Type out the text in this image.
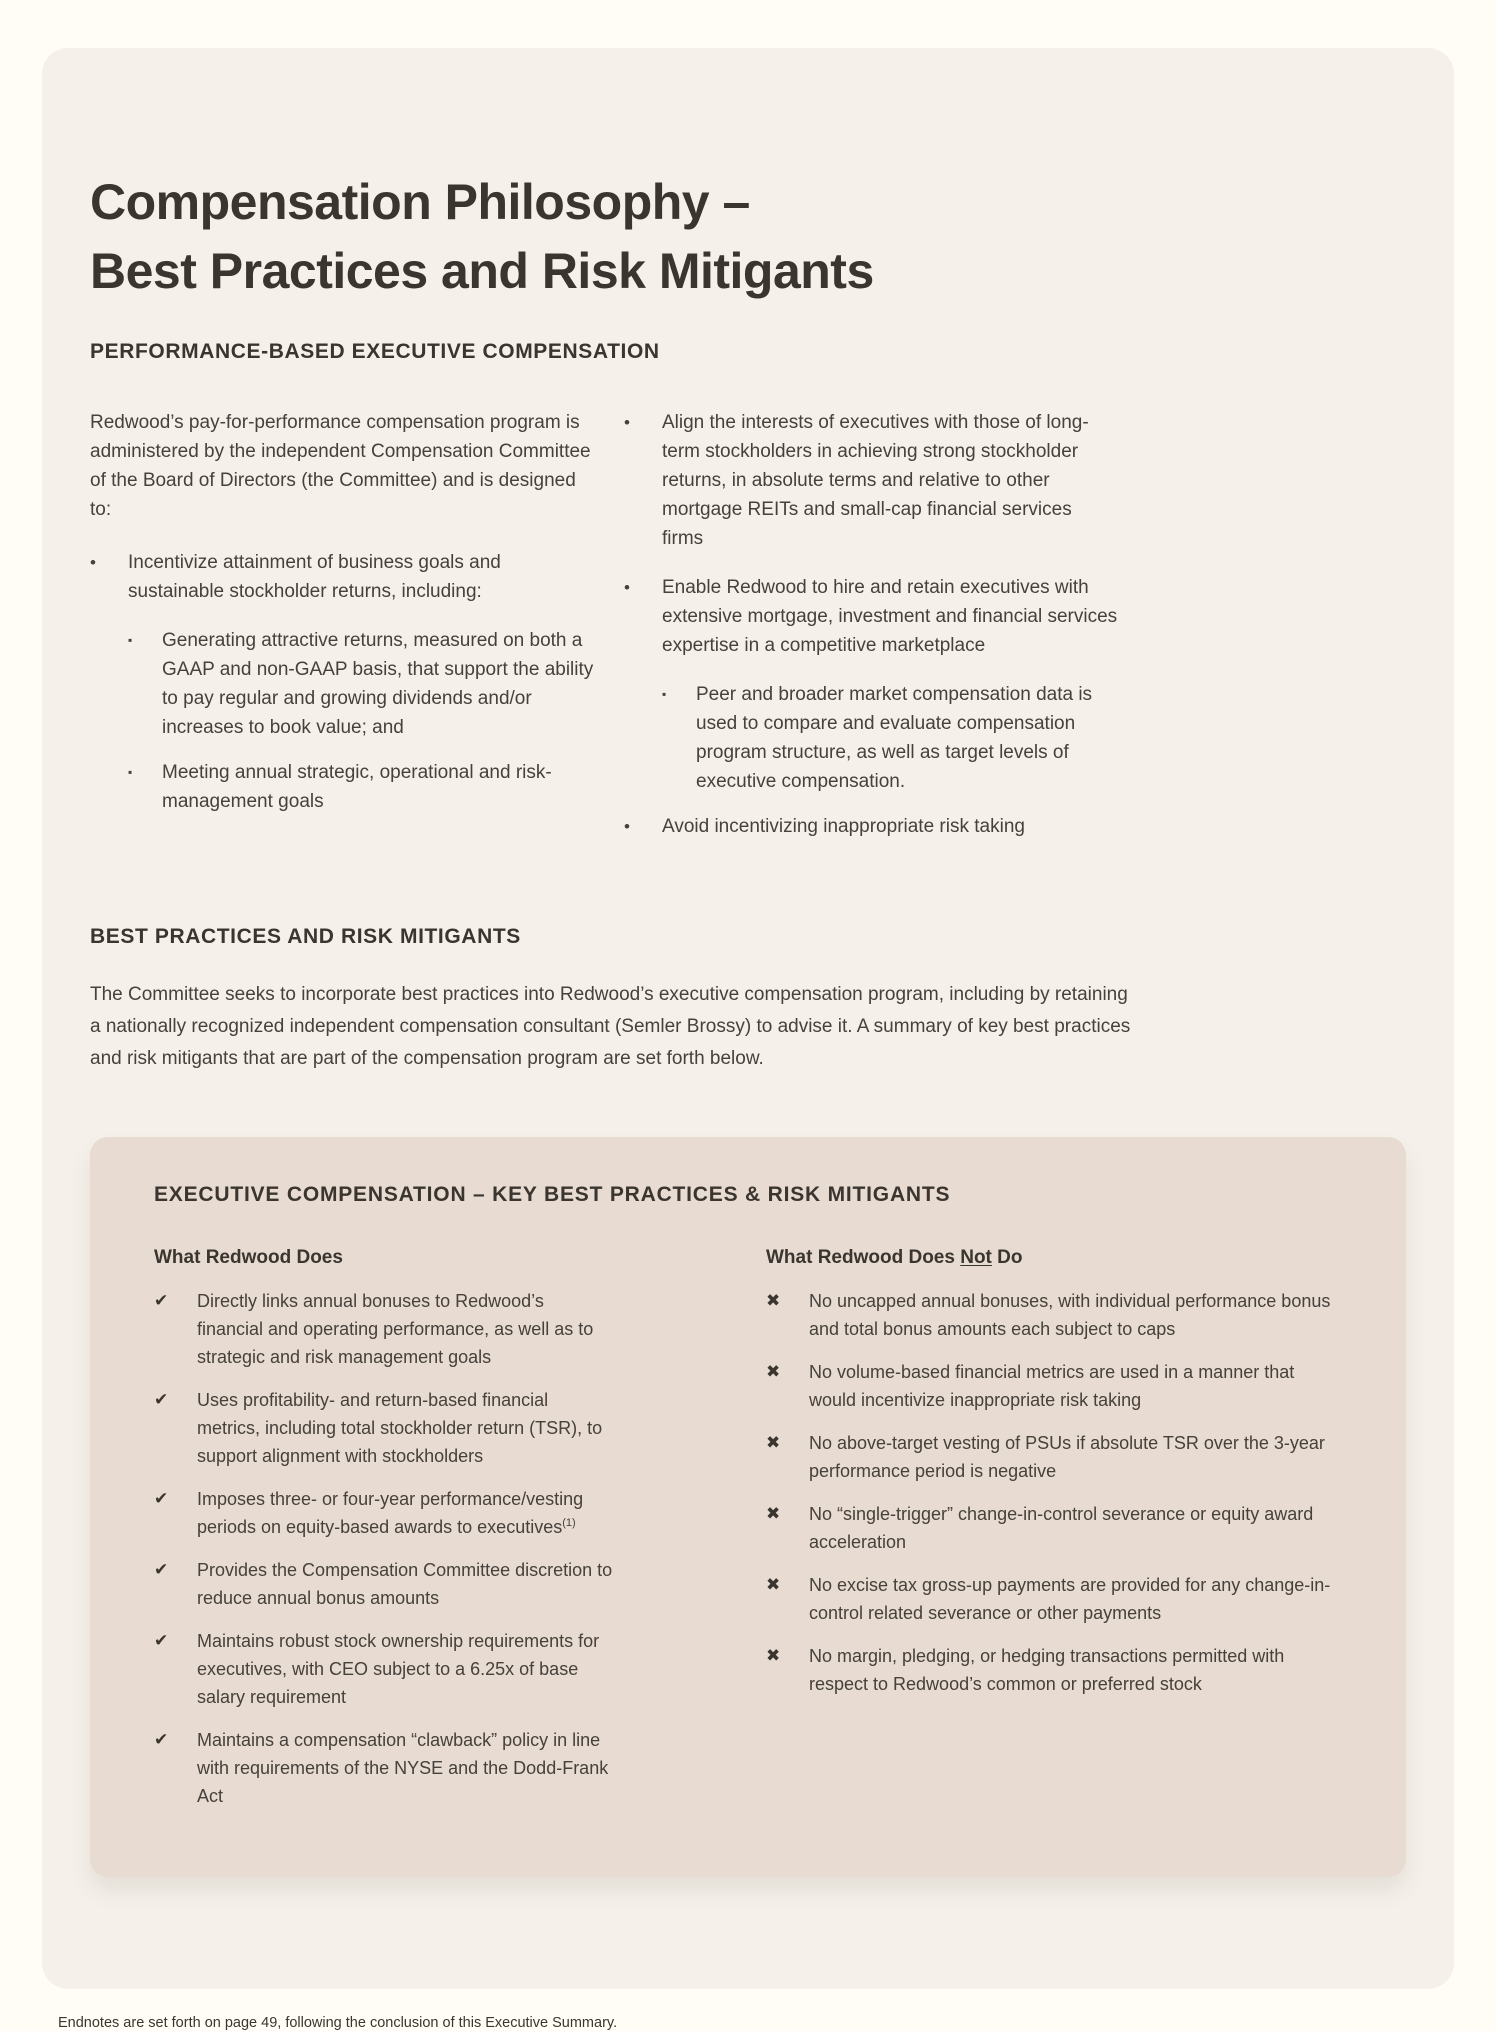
Compensation Philosophy –
Best Practices and Risk Mitigants
PERFORMANCE-BASED EXECUTIVE COMPENSATION

Redwood’s pay-for-performance compensation program is administered by the independent Compensation Committee of the Board of Directors (the Committee) and is designed to:

•	Incentivize attainment of business goals and sustainable stockholder returns, including:
▪	Generating attractive returns, measured on both a GAAP and non-GAAP basis, that support the ability to pay regular and growing dividends and/or increases to book value; and
▪	Meeting annual strategic, operational and risk-management goals
•	Align the interests of executives with those of long-term stockholders in achieving strong stockholder returns, in absolute terms and relative to other mortgage REITs and small-cap financial services firms
•	Enable Redwood to hire and retain executives with extensive mortgage, investment and financial services expertise in a competitive marketplace
▪	Peer and broader market compensation data is used to compare and evaluate compensation program structure, as well as target levels of executive compensation.
•	Avoid incentivizing inappropriate risk taking
BEST PRACTICES AND RISK MITIGANTS

The Committee seeks to incorporate best practices into Redwood’s executive compensation program, including by retaining a nationally recognized independent compensation consultant (Semler Brossy) to advise it. A summary of key best practices and risk mitigants that are part of the compensation program are set forth below.

EXECUTIVE COMPENSATION – KEY BEST PRACTICES & RISK MITIGANTS
What Redwood Does
✔	Directly links annual bonuses to Redwood’s financial and operating performance, as well as to strategic and risk management goals
✔	Uses profitability- and return-based financial metrics, including total stockholder return (TSR), to support alignment with stockholders
✔	Imposes three- or four-year performance/vesting periods on equity-based awards to executives$^{(1)}$
✔	Provides the Compensation Committee discretion to reduce annual bonus amounts
✔	Maintains robust stock ownership requirements for executives, with CEO subject to a 6.25x of base salary requirement
✔	Maintains a compensation “clawback” policy in line with requirements of the NYSE and the Dodd-Frank Act
What Redwood Does Not Do
✖	No uncapped annual bonuses, with individual performance bonus and total bonus amounts each subject to caps
✖	No volume-based financial metrics are used in a manner that would incentivize inappropriate risk taking
✖	No above-target vesting of PSUs if absolute TSR over the 3-year performance period is negative
✖	No “single-trigger” change-in-control severance or equity award acceleration
✖	No excise tax gross-up payments are provided for any change-in-control related severance or other payments
✖	No margin, pledging, or hedging transactions permitted with respect to Redwood’s common or preferred stock

Endnotes are set forth on page 49, following the conclusion of this Executive Summary.
